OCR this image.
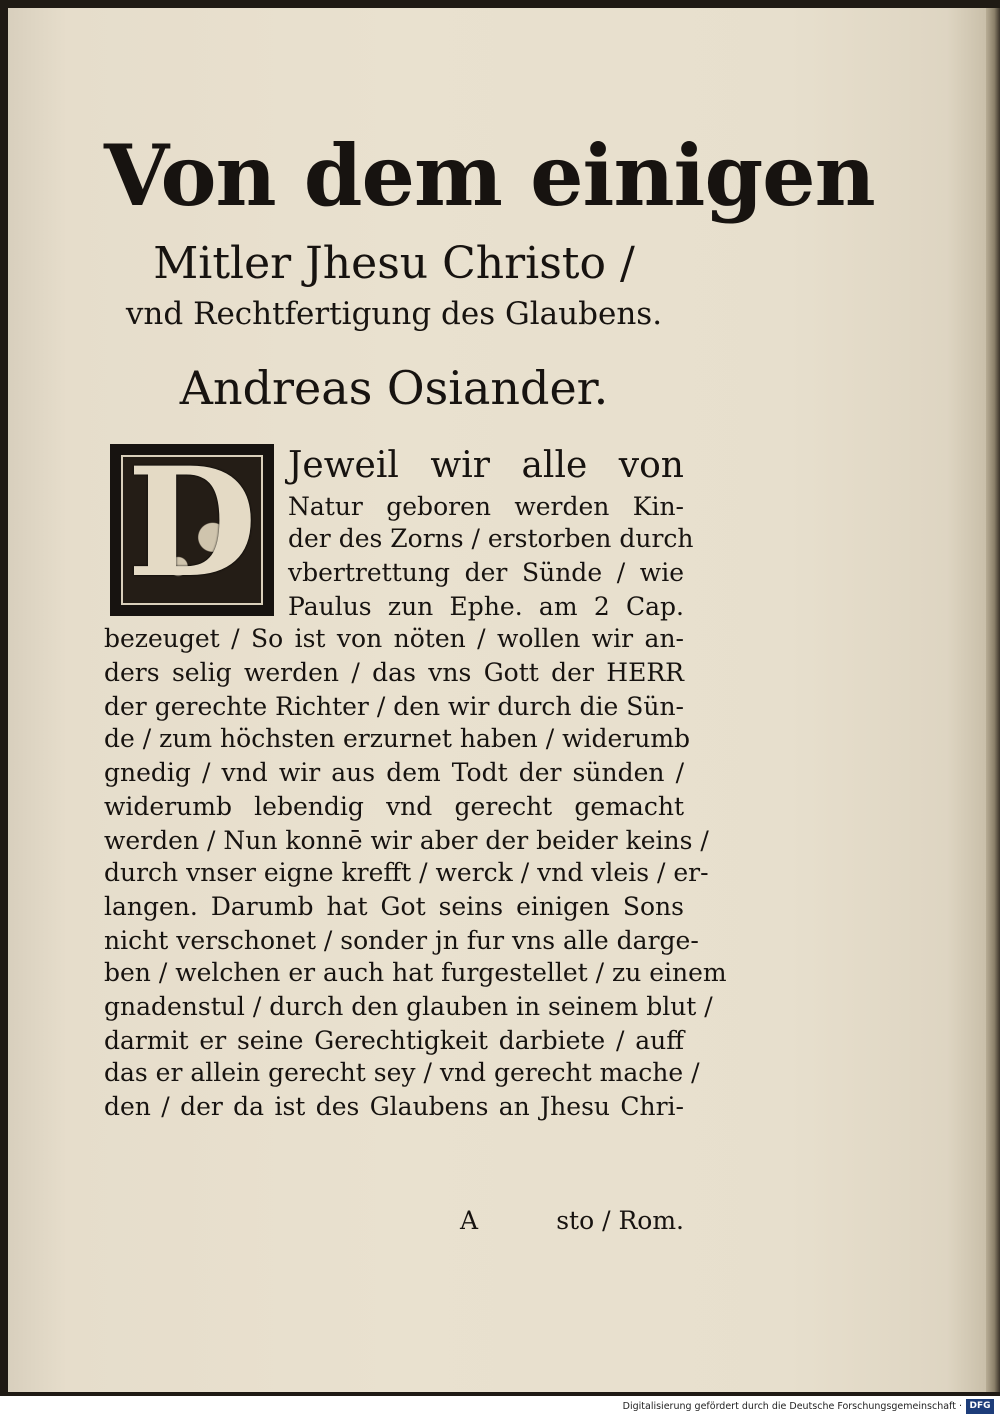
Von dem einigen
Mitler Jhesu Christo /
vnd Rechtfertigung des Glaubens.
Andreas Osiander.
D Jeweil wir alle von
Natur geboren werden Kin-
der des Zorns / erstorben durch
vbertrettung der Sünde / wie
Paulus zun Ephe. am 2 Cap.
bezeuget / So ist von nöten / wollen wir an-
ders selig werden / das vns Gott der HERR
der gerechte Richter / den wir durch die Sün-
de / zum höchsten erzurnet haben / widerumb
gnedig / vnd wir aus dem Todt der sünden /
widerumb lebendig vnd gerecht gemacht
werden / Nun konnē wir aber der beider keins /
durch vnser eigne krefft / werck / vnd vleis / er-
langen. Darumb hat Got seins einigen Sons
nicht verschonet / sonder jn fur vns alle darge-
ben / welchen er auch hat furgestellet / zu einem
gnadenstul / durch den glauben in seinem blut /
darmit er seine Gerechtigkeit darbiete / auff
das er allein gerecht sey / vnd gerecht mache /
den / der da ist des Glaubens an Jhesu Chri-
A	sto / Rom.
Digitalisierung gefördert durch die Deutsche Forschungsgemeinschaft · DFG
